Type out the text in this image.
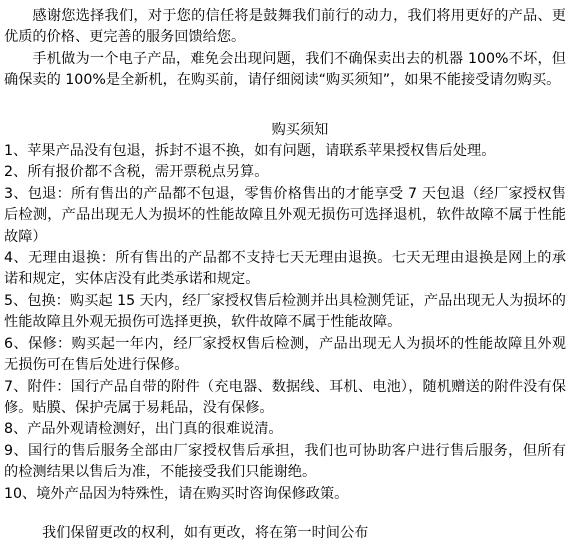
感谢您选择我们，对于您的信任将是鼓舞我们前行的动力，我们将用更好的产品、更优质的价格、更完善的服务回馈给您。

手机做为一个电子产品，难免会出现问题，我们不确保卖出去的机器 100%不坏，但确保卖的 100%是全新机，在购买前，请仔细阅读“购买须知”，如果不能接受请勿购买。

购买须知

1、苹果产品没有包退，拆封不退不换，如有问题，请联系苹果授权售后处理。
2、所有报价都不含税，需开票税点另算。
3、包退：所有售出的产品都不包退，零售价格售出的才能享受 7 天包退（经厂家授权售后检测，产品出现无人为损坏的性能故障且外观无损伤可选择退机，软件故障不属于性能故障）
4、无理由退换：所有售出的产品都不支持七天无理由退换。七天无理由退换是网上的承诺和规定，实体店没有此类承诺和规定。
5、包换：购买起 15 天内，经厂家授权售后检测并出具检测凭证，产品出现无人为损坏的性能故障且外观无损伤可选择更换，软件故障不属于性能故障。
6、保修：购买起一年内，经厂家授权售后检测，产品出现无人为损坏的性能故障且外观无损伤可在售后处进行保修。
7、附件：国行产品自带的附件（充电器、数据线、耳机、电池），随机赠送的附件没有保修。贴膜、保护壳属于易耗品，没有保修。
8、产品外观请检测好，出门真的很难说清。
9、国行的售后服务全部由厂家授权售后承担，我们也可协助客户进行售后服务，但所有的检测结果以售后为准，不能接受我们只能谢绝。
10、境外产品因为特殊性，请在购买时咨询保修政策。

我们保留更改的权利，如有更改，将在第一时间公布
